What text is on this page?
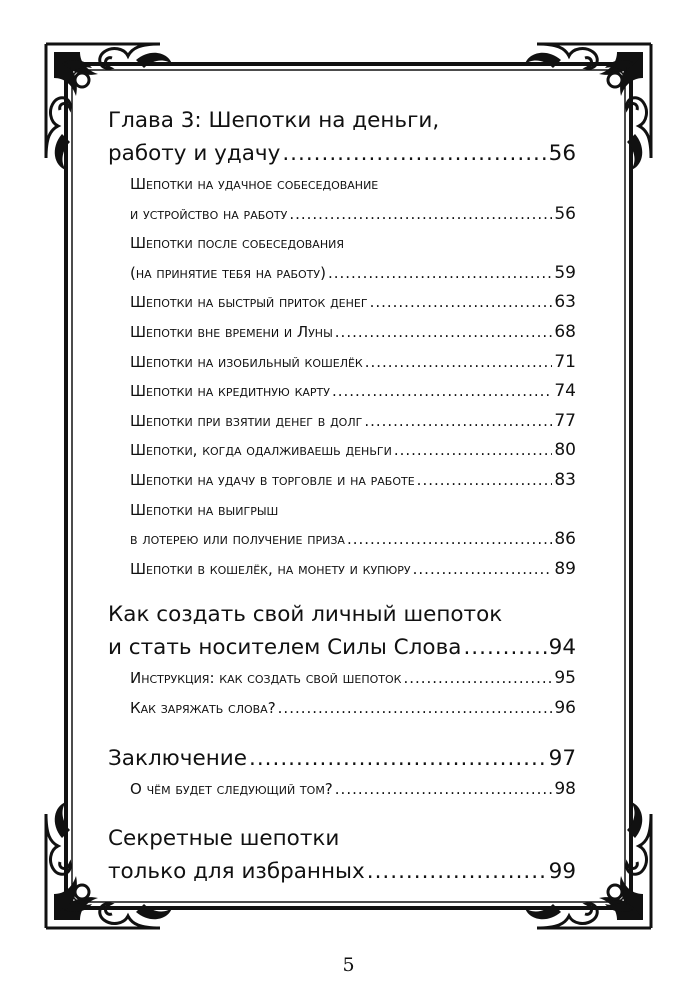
Глава 3: Шепотки на деньги,
работу и удачу .....	56
Шепотки на удачное собеседование
и устройство на работу .....	56
Шепотки после собеседования
(на принятие тебя на работу) .....	59
Шепотки на быстрый приток денег .....	63
Шепотки вне времени и Луны .....	68
Шепотки на изобильный кошелёк .....	71
Шепотки на кредитную карту .....	74
Шепотки при взятии денег в долг .....	77
Шепотки, когда одалживаешь деньги .....	80
Шепотки на удачу в торговле и на работе .....	83
Шепотки на выигрыш
в лотерею или получение приза .....	86
Шепотки в кошелёк, на монету и купюру .....	89
Как создать свой личный шепоток
и стать носителем Силы Слова .....	94
Инструкция: как создать свой шепоток .....	95
Как заряжать слова? .....	96
Заключение .....	97
О чём будет следующий том? .....	98
Секретные шепотки
только для избранных .....	99
5
